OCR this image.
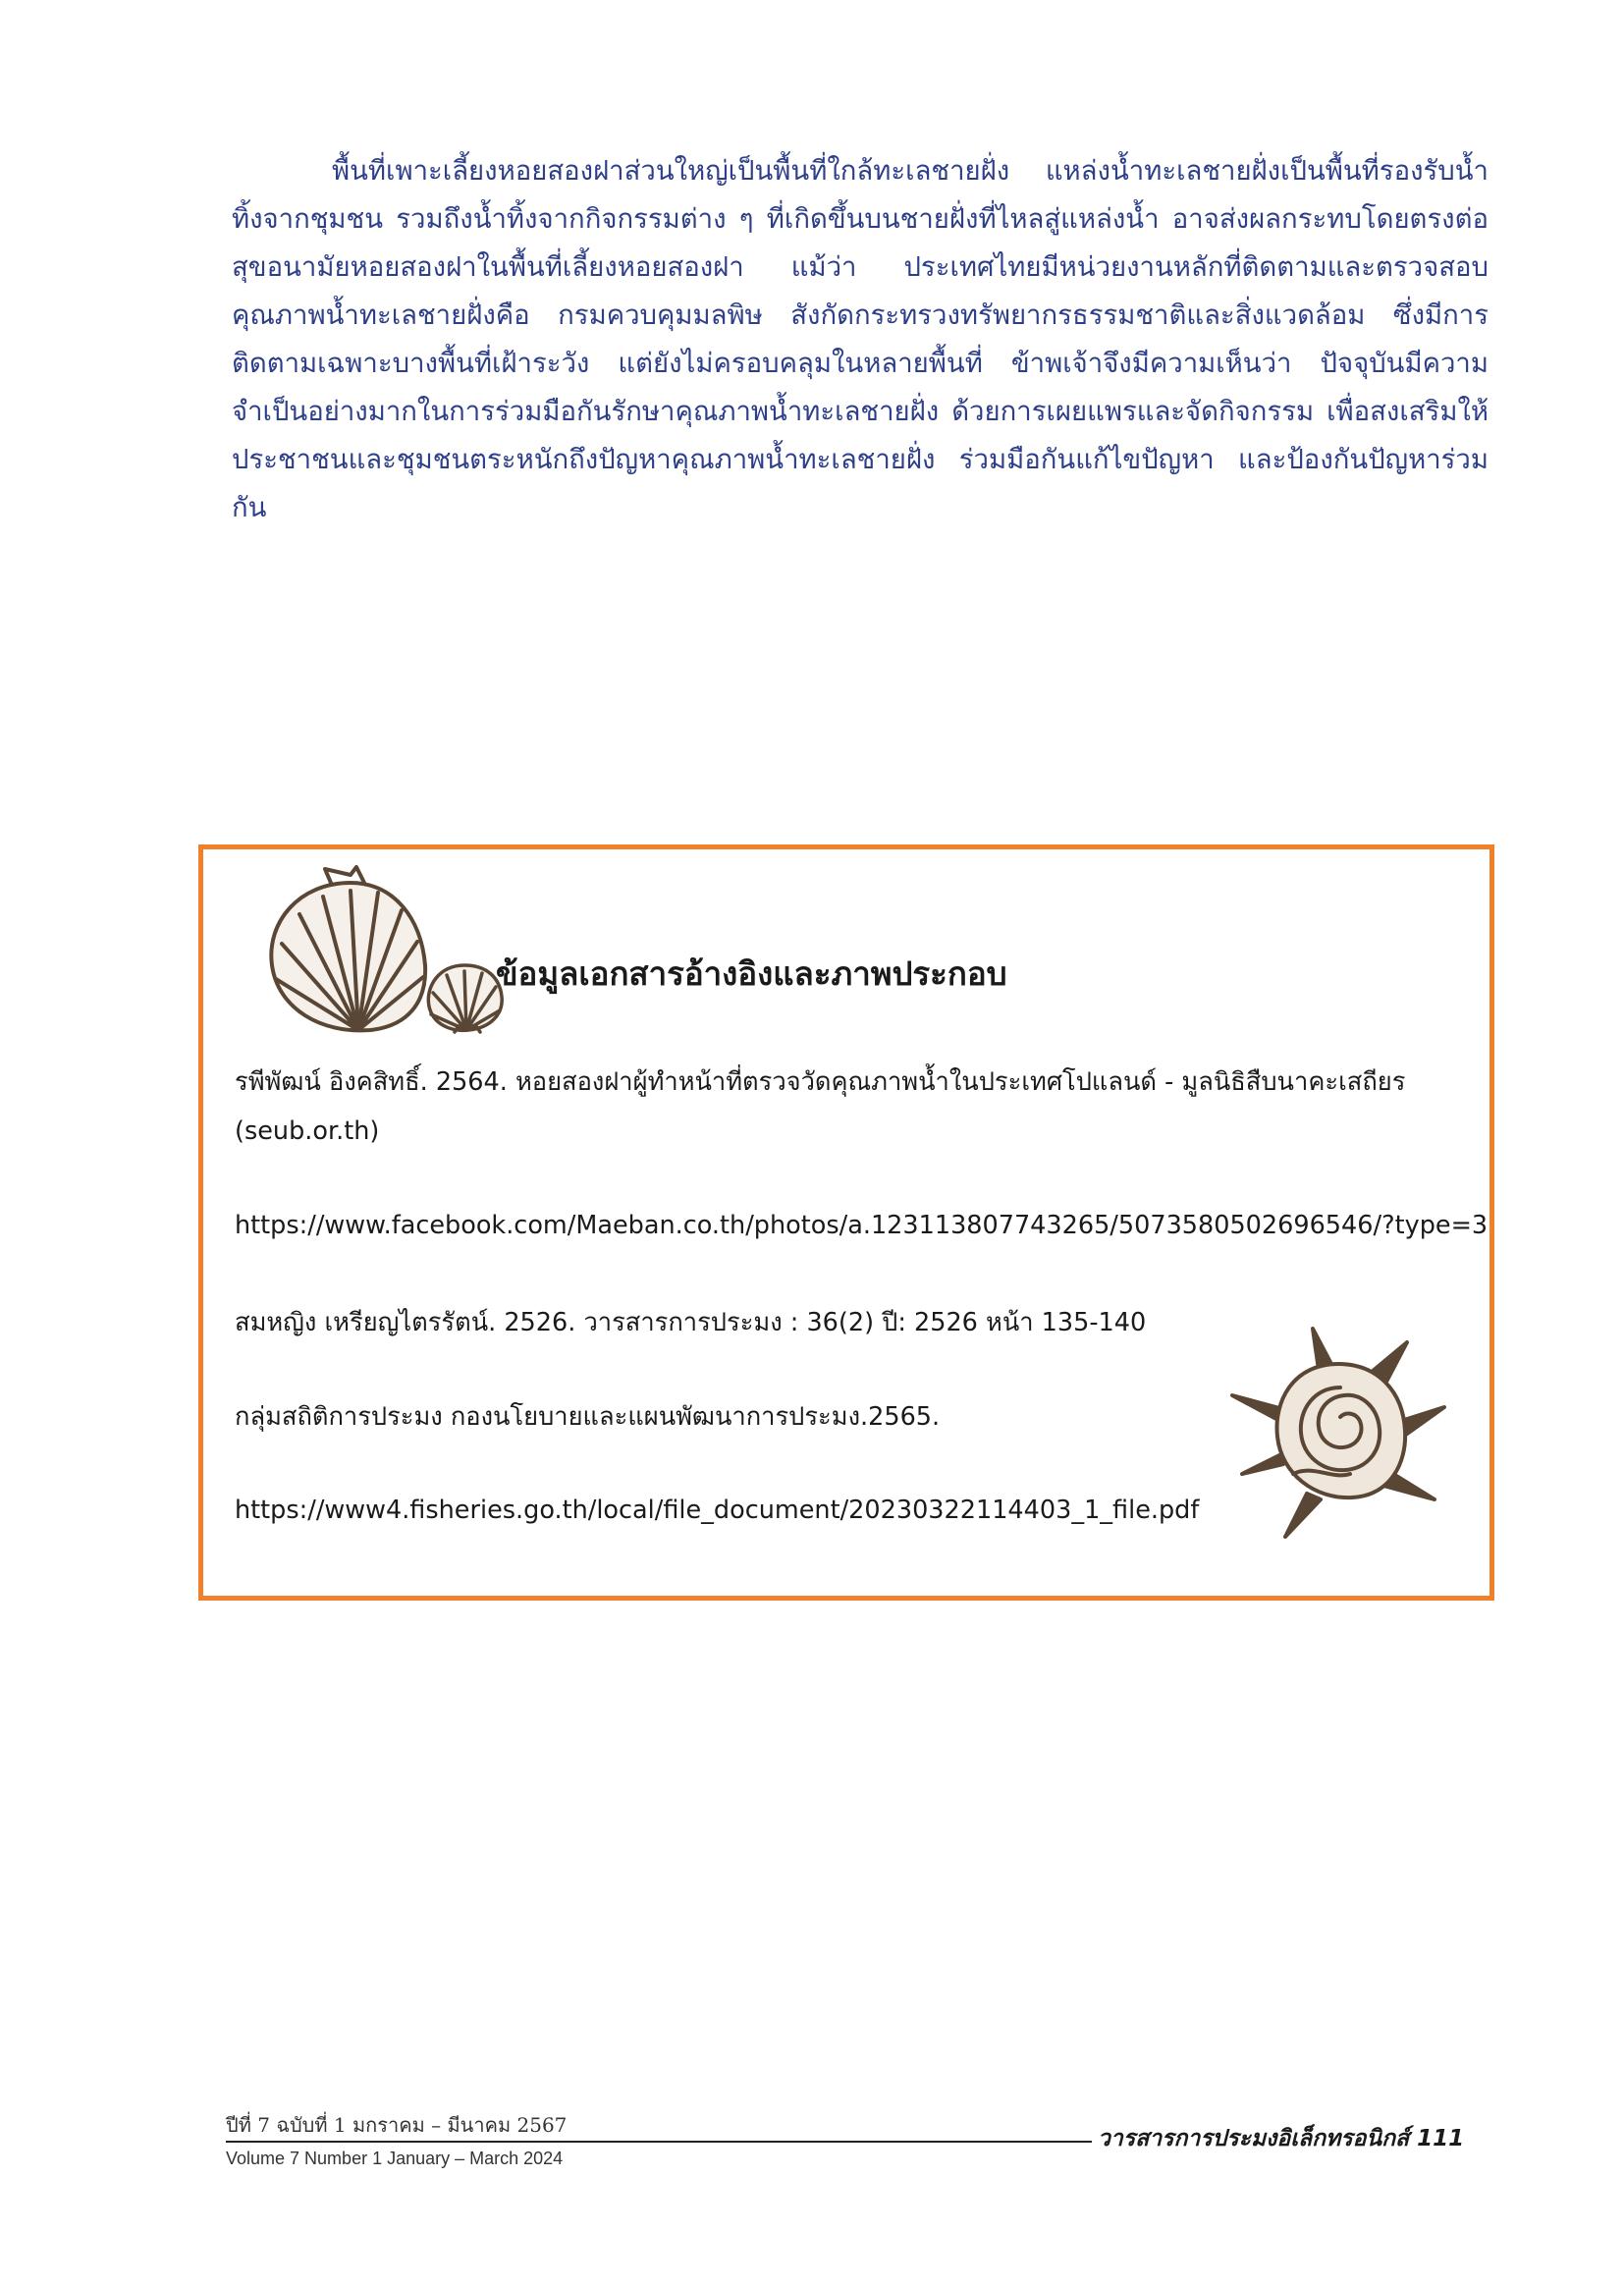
พื้นที่เพาะเลี้ยงหอยสองฝาส่วนใหญ่เป็นพื้นที่ใกล้ทะเลชายฝั่ง แหล่งน้ำทะเลชายฝั่งเป็นพื้นที่รองรับน้ำทิ้งจากชุมชน รวมถึงน้ำทิ้งจากกิจกรรมต่าง ๆ ที่เกิดขึ้นบนชายฝั่งที่ไหลสู่แหล่งน้ำ อาจส่งผลกระทบโดยตรงต่อสุขอนามัยหอยสองฝาในพื้นที่เลี้ยงหอยสองฝา แม้ว่า ประเทศไทยมีหน่วยงานหลักที่ติดตามและตรวจสอบคุณภาพน้ำทะเลชายฝั่งคือ กรมควบคุมมลพิษ สังกัดกระทรวงทรัพยากรธรรมชาติและสิ่งแวดล้อม ซึ่งมีการติดตามเฉพาะบางพื้นที่เฝ้าระวัง แต่ยังไม่ครอบคลุมในหลายพื้นที่ ข้าพเจ้าจึงมีความเห็นว่า ปัจจุบันมีความจำเป็นอย่างมากในการร่วมมือกันรักษาคุณภาพน้ำทะเลชายฝั่ง ด้วยการเผยแพรและจัดกิจกรรม เพื่อสงเสริมให้ประชาชนและชุมชนตระหนักถึงปัญหาคุณภาพน้ำทะเลชายฝั่ง ร่วมมือกันแก้ไขปัญหา และป้องกันปัญหาร่วมกัน

ข้อมูลเอกสารอ้างอิงและภาพประกอบ
รพีพัฒน์ อิงคสิทธิ์. 2564. หอยสองฝาผู้ทำหน้าที่ตรวจวัดคุณภาพน้ำในประเทศโปแลนด์ - มูลนิธิสืบนาคะเสถียร (seub.or.th)
https://www.facebook.com/Maeban.co.th/photos/a.123113807743265/5073580502696546/?type=3
สมหญิง เหรียญไตรรัตน์. 2526. วารสารการประมง : 36(2) ปี: 2526 หน้า 135-140
กลุ่มสถิติการประมง กองนโยบายและแผนพัฒนาการประมง.2565.
https://www4.fisheries.go.th/local/file_document/20230322114403_1_file.pdf
ปีที่ 7 ฉบับที่ 1 มกราคม – มีนาคม 2567
Volume 7 Number 1 January – March 2024
วารสารการประมงอิเล็กทรอนิกส์ 111
